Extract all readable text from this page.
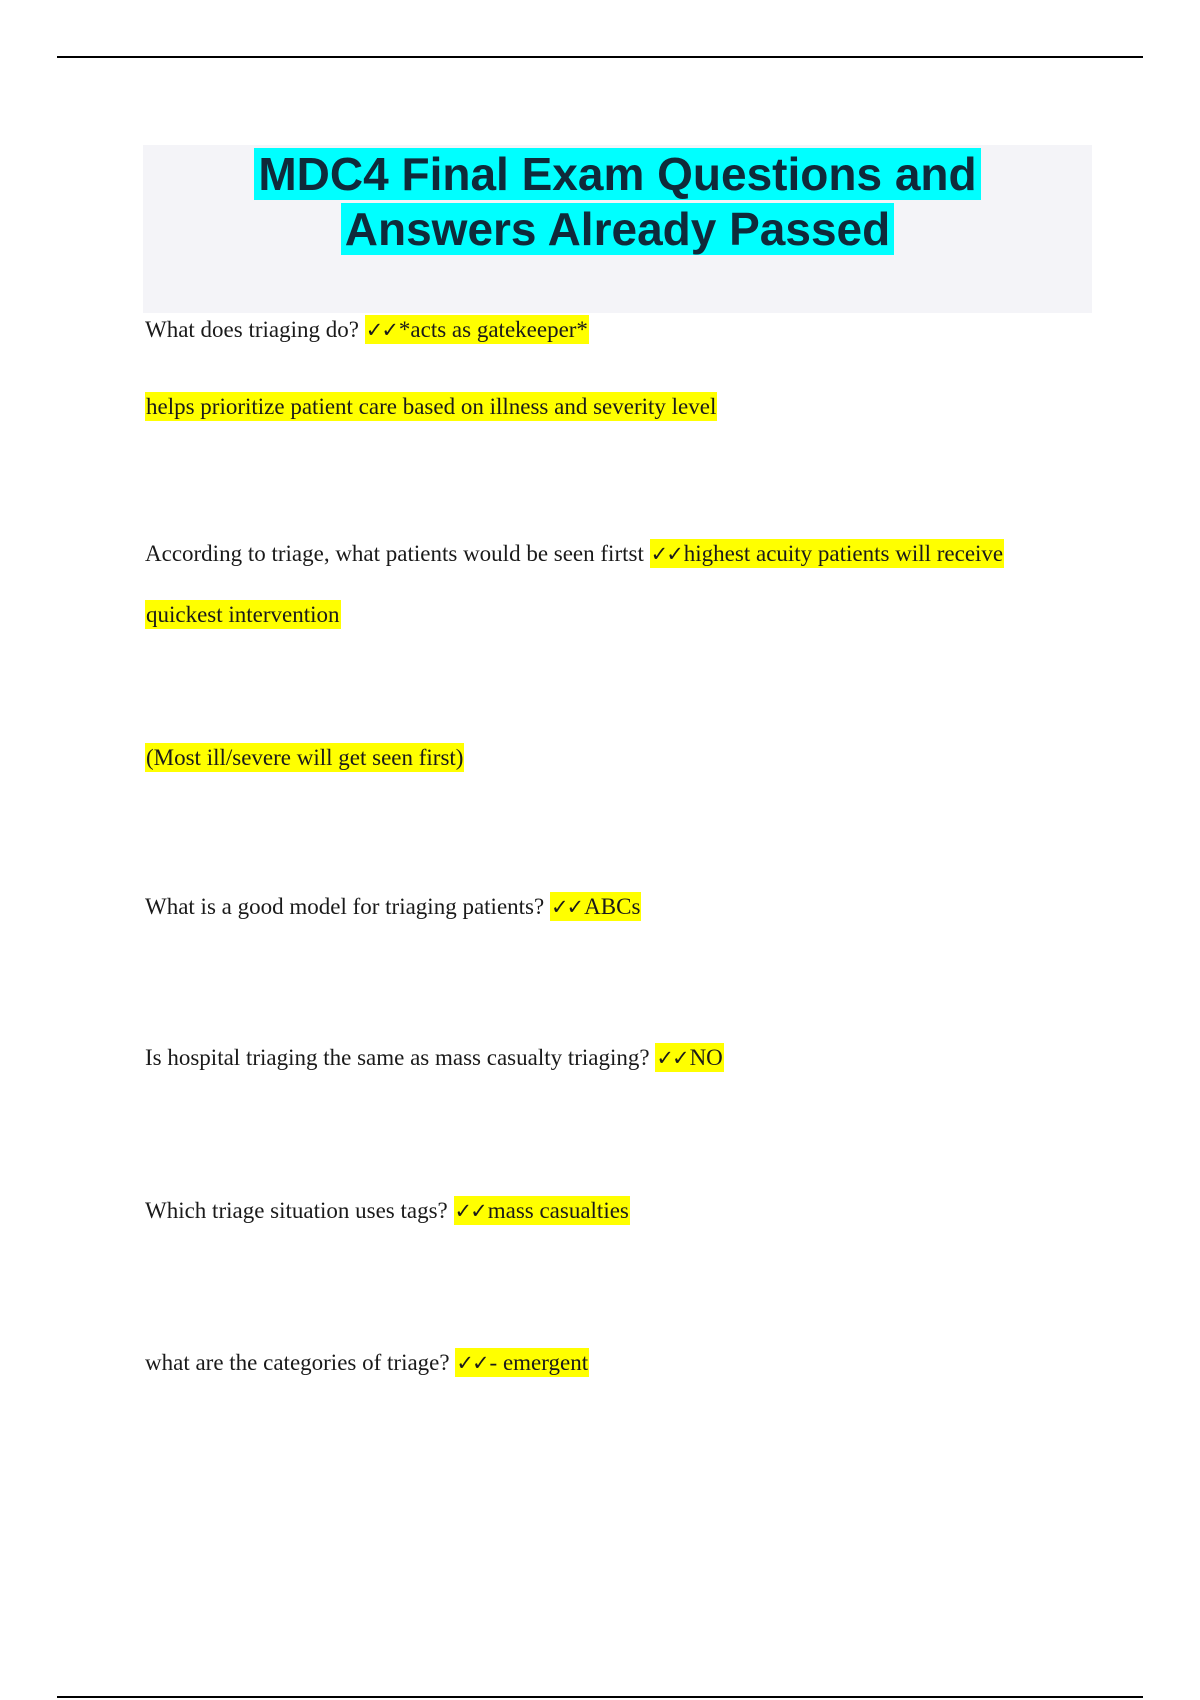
MDC4 Final Exam Questions and
Answers Already Passed

What does triaging do? ✓✓*acts as gatekeeper*

helps prioritize patient care based on illness and severity level

According to triage, what patients would be seen firtst ✓✓highest acuity patients will receive

quickest intervention

(Most ill/severe will get seen first)

What is a good model for triaging patients? ✓✓ABCs

Is hospital triaging the same as mass casualty triaging? ✓✓NO

Which triage situation uses tags? ✓✓mass casualties

what are the categories of triage? ✓✓- emergent
